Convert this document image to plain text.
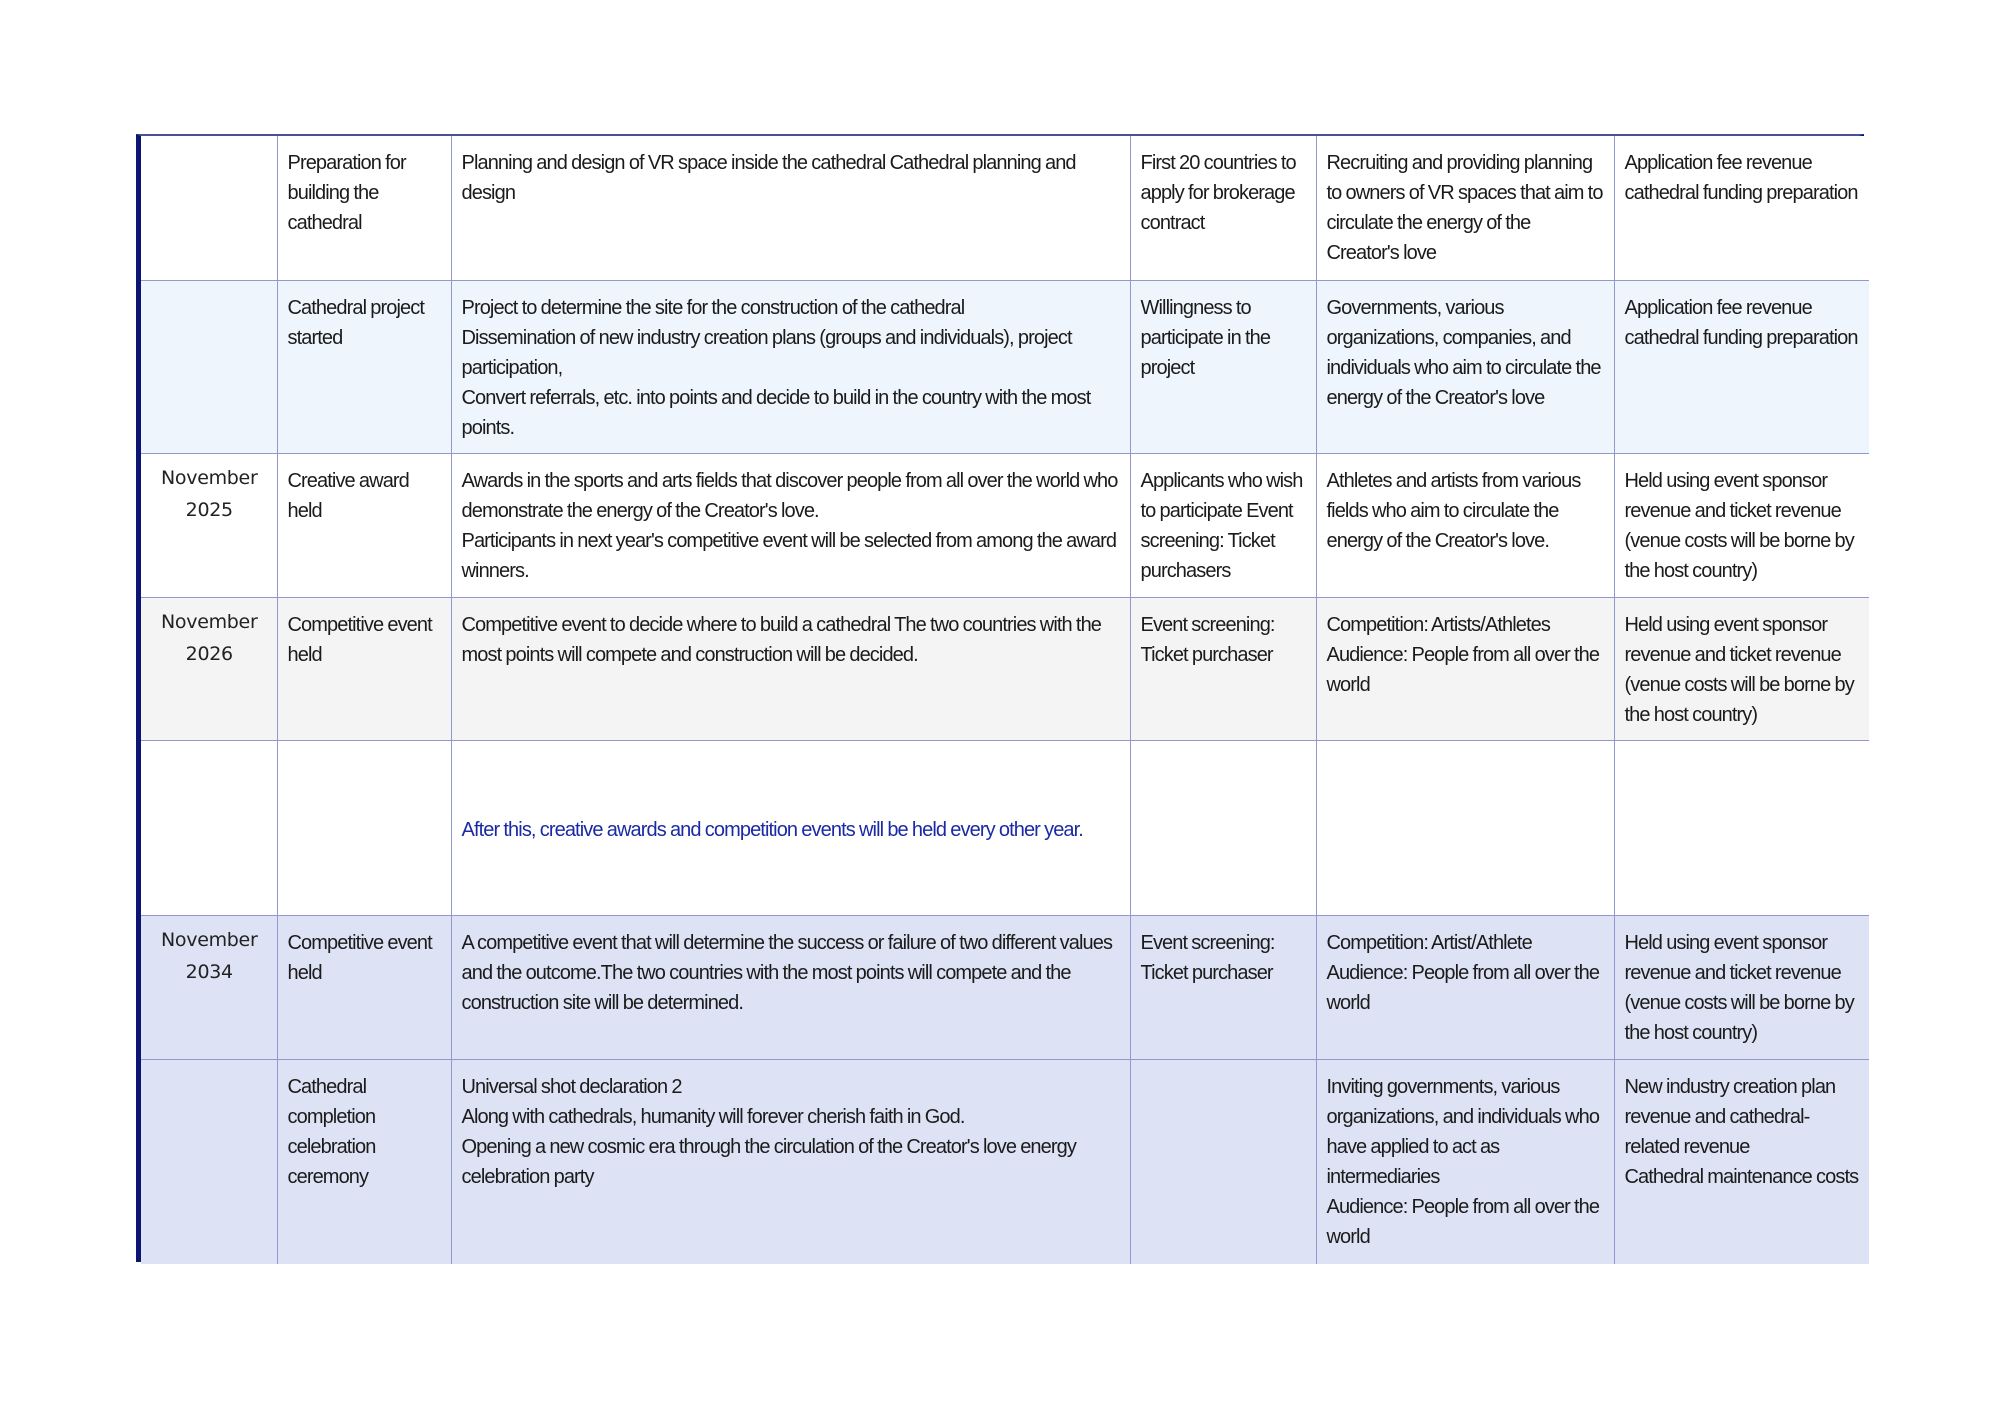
	Preparation for building the cathedral	Planning and design of VR space inside the cathedral Cathedral planning and design	First 20 countries to apply for brokerage contract	Recruiting and providing planning to owners of VR spaces that aim to circulate the energy of the Creator's love	Application fee revenue cathedral funding preparation

	Cathedral project started	Project to determine the site for the construction of the cathedral
Dissemination of new industry creation plans (groups and individuals), project participation,
Convert referrals, etc. into points and decide to build in the country with the most points.	Willingness to participate in the project	Governments, various organizations, companies, and individuals who aim to circulate the energy of the Creator's love	Application fee revenue cathedral funding preparation

November
2025	Creative award held	Awards in the sports and arts fields that discover people from all over the world who demonstrate the energy of the Creator's love.
Participants in next year's competitive event will be selected from among the award winners.	Applicants who wish to participate Event screening: Ticket purchasers	Athletes and artists from various fields who aim to circulate the energy of the Creator's love.	Held using event sponsor revenue and ticket revenue (venue costs will be borne by the host country)

November
2026	Competitive event held	Competitive event to decide where to build a cathedral The two countries with the most points will compete and construction will be decided.	Event screening: Ticket purchaser	Competition: Artists/Athletes
Audience: People from all over the world	Held using event sponsor revenue and ticket revenue (venue costs will be borne by the host country)

		After this, creative awards and competition events will be held every other year.			

November
2034	Competitive event held	A competitive event that will determine the success or failure of two different values and the outcome.The two countries with the most points will compete and the construction site will be determined.	Event screening: Ticket purchaser	Competition: Artist/Athlete
Audience: People from all over the world	Held using event sponsor revenue and ticket revenue (venue costs will be borne by the host country)

	Cathedral completion celebration ceremony	Universal shot declaration 2
Along with cathedrals, humanity will forever cherish faith in God.
Opening a new cosmic era through the circulation of the Creator's love energy celebration party		Inviting governments, various organizations, and individuals who have applied to act as intermediaries
Audience: People from all over the world	New industry creation plan revenue and cathedral-related revenue
Cathedral maintenance costs
